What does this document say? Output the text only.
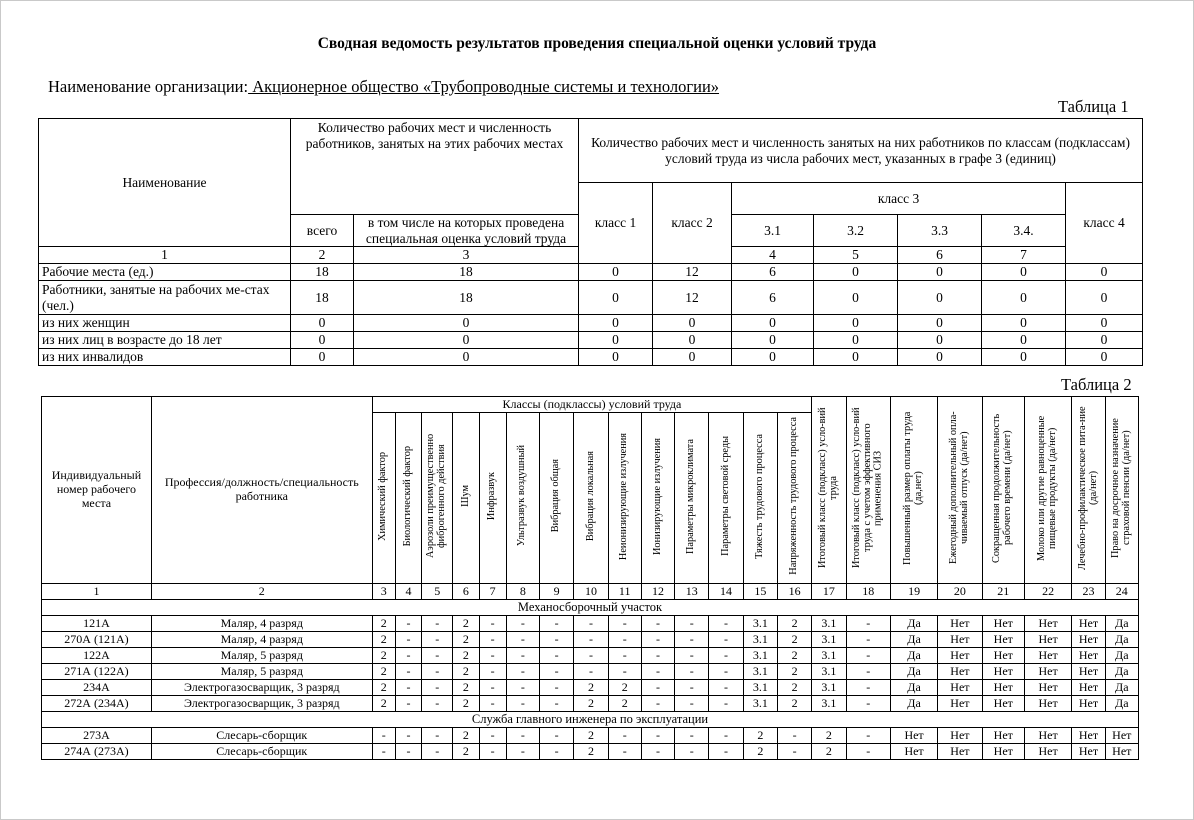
Сводная ведомость результатов проведения специальной оценки условий труда
Наименование организации: Акционерное общество «Трубопроводные системы и технологии»
Таблица 1
Наименование	Количество рабочих мест и численность работников, занятых на этих рабочих местах		Количество рабочих мест и численность занятых на них работников по классам (подклассам) условий труда из числа рабочих мест, указанных в графе 3 (единиц)							
			класс 1	класс 2	класс 3				класс 4	
	всего	в том числе на которых проведена специальная оценка условий труда			3.1	3.2	3.3	3.4.		
1	2	3			4	5	6	7			
Рабочие места (ед.)	18	18	0	12	6	0	0	0	0	
Работники, занятые на рабочих ме-стах (чел.)	18	18	0	12	6	0	0	0	0	
из них женщин	0	0	0	0	0	0	0	0	0	
из них лиц в возрасте до 18 лет	0	0	0	0	0	0	0	0	0	
из них инвалидов	0	0	0	0	0	0	0	0	0	
Таблица 2
Индивидуальный номер рабочего места	Профессия/должность/специальность работника	Классы (подклассы) условий труда														Итоговый класс (подкласс) усло-вий труда	Итоговый класс (подкласс) усло-вий труда с учетом эффективного применения СИЗ	Повышенный размер оплаты труда (да,нет)	Ежегодный дополнительный опла-чиваемый отпуск (да/нет)	Сокращенная продолжительность рабочего времени (да/нет)	Молоко или другие равноценные пищевые продукты (да/нет)	Лечебно-профилактическое пита-ние (да/нет)	Право на досрочное назначение страховой пенсии (да/нет)
		Химический фактор	Биологический фактор	Аэрозоли преимущественно фиброгенного действия	Шум	Инфразвук	Ультразвук воздушный	Вибрация общая	Вибрация локальная	Неионизирующие излучения	Ионизирующие излучения	Параметры микроклимата	Параметры световой среды	Тяжесть трудового процесса	Напряженность трудового процесса								
1	2	3	4	5	6	7	8	9	10	11	12	13	14	15	16	17	18	19	20	21	22	23	24
Механосборочный участок																							
121А	Маляр, 4 разряд	2	-	-	2	-	-	-	-	-	-	-	-	3.1	2	3.1	-	Да	Нет	Нет	Нет	Нет	Да
270А (121А)	Маляр, 4 разряд	2	-	-	2	-	-	-	-	-	-	-	-	3.1	2	3.1	-	Да	Нет	Нет	Нет	Нет	Да
122А	Маляр, 5 разряд	2	-	-	2	-	-	-	-	-	-	-	-	3.1	2	3.1	-	Да	Нет	Нет	Нет	Нет	Да
271А (122А)	Маляр, 5 разряд	2	-	-	2	-	-	-	-	-	-	-	-	3.1	2	3.1	-	Да	Нет	Нет	Нет	Нет	Да
234А	Электрогазосварщик, 3 разряд	2	-	-	2	-	-	-	2	2	-	-	-	3.1	2	3.1	-	Да	Нет	Нет	Нет	Нет	Да
272А (234А)	Электрогазосварщик, 3 разряд	2	-	-	2	-	-	-	2	2	-	-	-	3.1	2	3.1	-	Да	Нет	Нет	Нет	Нет	Да
Служба главного инженера по эксплуатации																							
273А	Слесарь-сборщик	-	-	-	2	-	-	-	2	-	-	-	-	2	-	2	-	Нет	Нет	Нет	Нет	Нет	Нет
274А (273А)	Слесарь-сборщик	-	-	-	2	-	-	-	2	-	-	-	-	2	-	2	-	Нет	Нет	Нет	Нет	Нет	Нет
